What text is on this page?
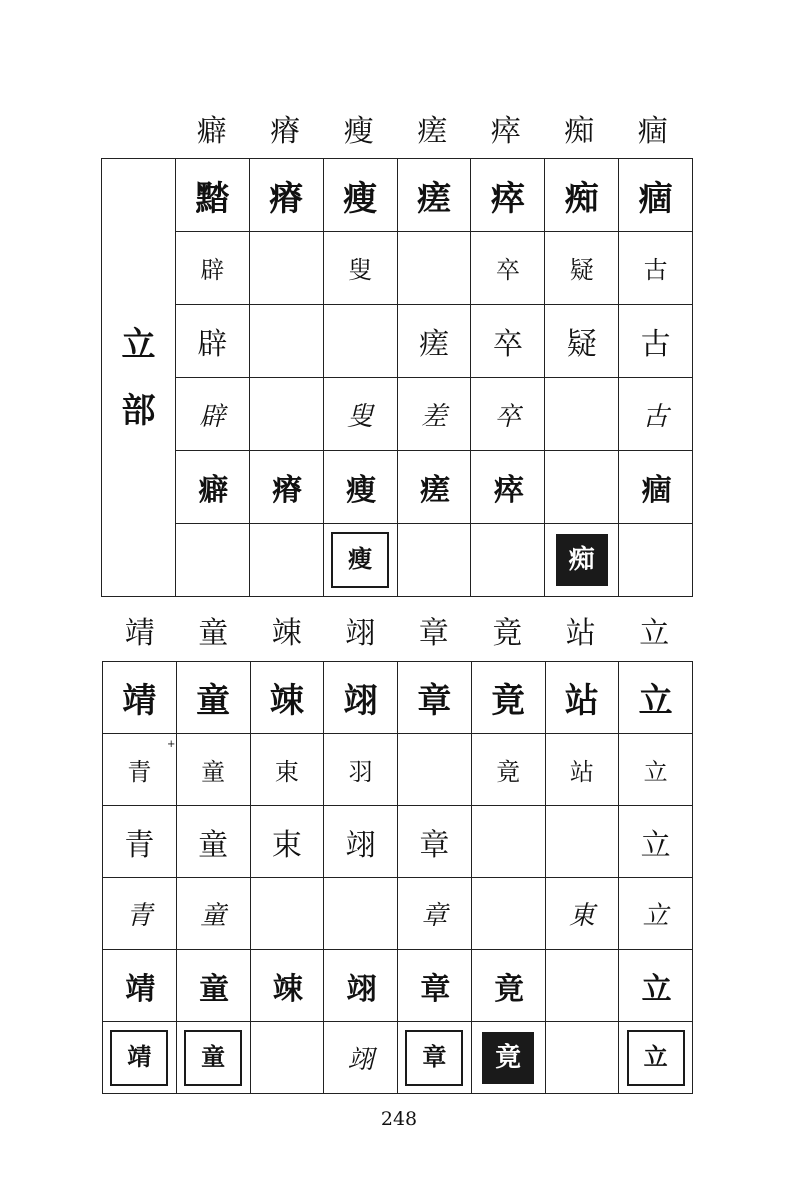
癖	瘠	瘦	瘥	瘁	痴	痼
立
部	䵬	瘠	瘦	瘥	瘁	痴	痼
	辟		叟		卒	疑	古
	辟			瘥	卒	疑	古
	辟		叟	差	卒		古
	癖	瘠	瘦	瘥	瘁		痼
			瘦			痴	
靖	童	竦	翊	章	竟	站	立
靖	童	竦	翊	章	竟	站	立
青	童	束	羽		竟	站	立
青	童	束	翊	章			立
青	童			章		東	立
靖	童	竦	翊	章	竟		立
靖	童		翊	章	竟		立
+
248
